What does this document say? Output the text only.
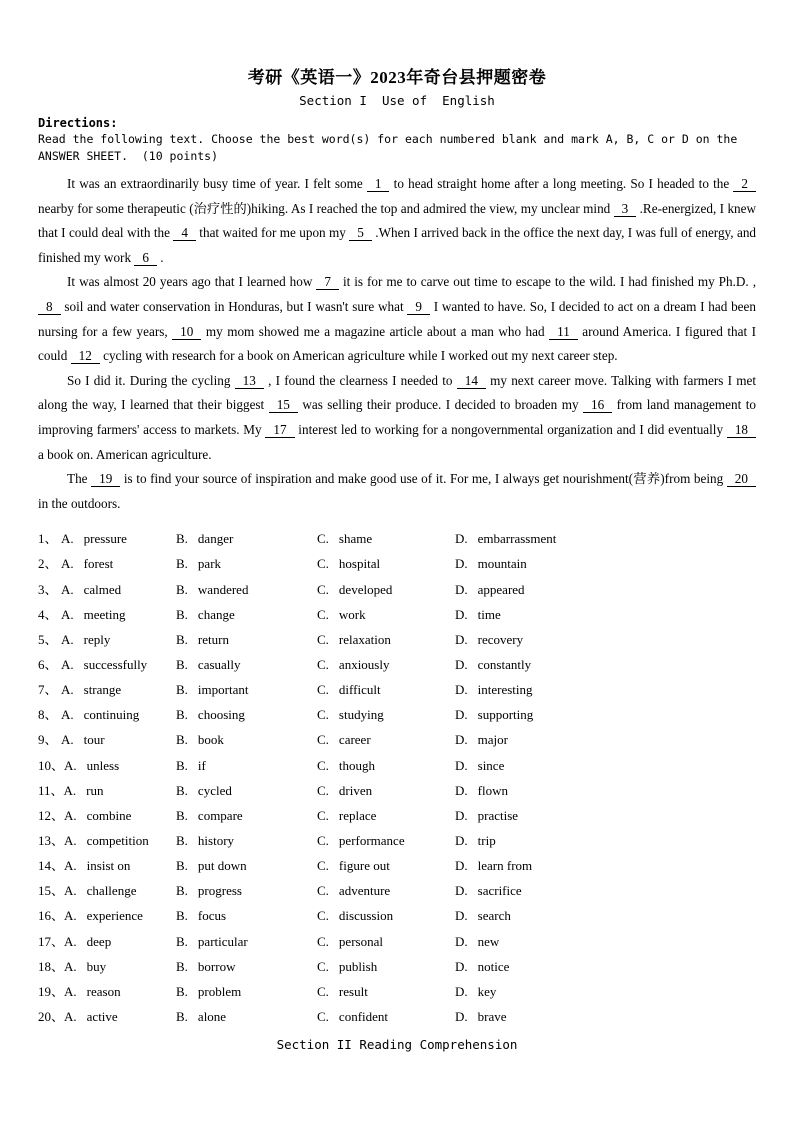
考研《英语一》2023年奇台县押题密卷
Section I  Use of  English
Directions:
Read the following text. Choose the best word(s) for each numbered blank and mark A, B, C or D on the ANSWER SHEET.  (10 points)

It was an extraordinarily busy time of year. I felt some 1 to head straight home after a long meeting. So I headed to the 2 nearby for some therapeutic (治疗性的)hiking. As I reached the top and admired the view, my unclear mind 3 .Re-energized, I knew that I could deal with the 4 that waited for me upon my 5 .When I arrived back in the office the next day, I was full of energy, and finished my work 6 .

It was almost 20 years ago that I learned how 7 it is for me to carve out time to escape to the wild. I had finished my Ph.D. ,8 soil and water conservation in Honduras, but I wasn't sure what 9 I wanted to have. So, I decided to act on a dream I had been nursing for a few years, 10 my mom showed me a magazine article about a man who had 11 around America. I figured that I could 12 cycling with research for a book on American agriculture while I worked out my next career step.

So I did it. During the cycling 13 , I found the clearness I needed to 14 my next career move. Talking with farmers I met along the way, I learned that their biggest 15 was selling their produce. I decided to broaden my 16 from land management to improving farmers' access to markets. My 17 interest led to working for a nongovernmental organization and I did eventually 18 a book on. American agriculture.

The 19 is to find your source of inspiration and make good use of it. For me, I always get nourishment(营养)from being 20 in the outdoors.

1、 A. pressure	B. danger	C. shame	D. embarrassment
2、 A. forest	B. park	C. hospital	D. mountain
3、 A. calmed	B. wandered	C. developed	D. appeared
4、 A. meeting	B. change	C. work	D. time
5、 A. reply	B. return	C. relaxation	D. recovery
6、 A. successfully	B. casually	C. anxiously	D. constantly
7、 A. strange	B. important	C. difficult	D. interesting
8、 A. continuing	B. choosing	C. studying	D. supporting
9、 A. tour	B. book	C. career	D. major
10、A. unless	B. if	C. though	D. since
11、A. run	B. cycled	C. driven	D. flown
12、A. combine	B. compare	C. replace	D. practise
13、A. competition	B. history	C. performance	D. trip
14、A. insist on	B. put down	C. figure out	D. learn from
15、A. challenge	B. progress	C. adventure	D. sacrifice
16、A. experience	B. focus	C. discussion	D. search
17、A. deep	B. particular	C. personal	D. new
18、A. buy	B. borrow	C. publish	D. notice
19、A. reason	B. problem	C. result	D. key
20、A. active	B. alone	C. confident	D. brave
Section II Reading Comprehension
